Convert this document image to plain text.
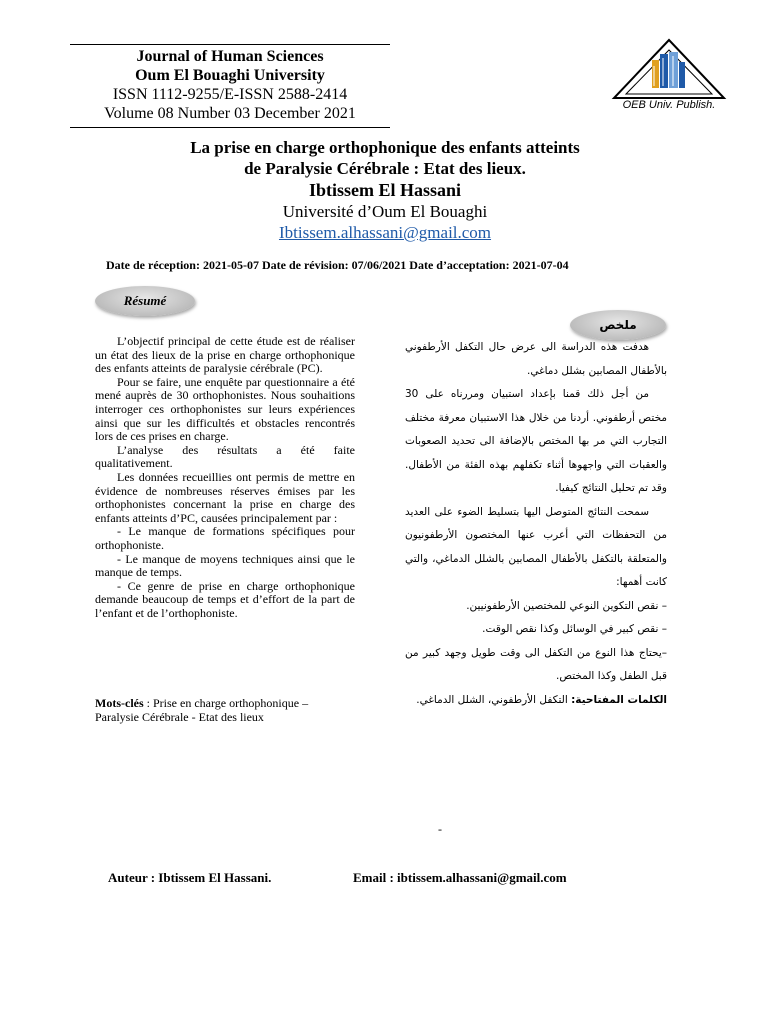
Journal of Human Sciences
Oum El Bouaghi University
ISSN 1112-9255/E-ISSN 2588-2414
Volume 08 Number 03 December 2021	OEB Univ. Publish.
La prise en charge orthophonique des enfants atteints
de Paralysie Cérébrale : Etat des lieux.
Ibtissem El Hassani
Université d’Oum El Bouaghi
Ibtissem.alhassani@gmail.com
Date de réception: 2021-05-07 Date de révision: 07/06/2021 Date d’acceptation: 2021-07-04
Résumé
ملخص

L’objectif principal de cette étude est de réaliser un état des lieux de la prise en charge orthophonique des enfants atteints de paralysie cérébrale (PC).

Pour se faire, une enquête par questionnaire a été mené auprès de 30 orthophonistes. Nous souhaitions interroger ces orthophonistes sur leurs expériences ainsi que sur les difficultés et obstacles rencontrés lors de ces prises en charge.

L’analyse des résultats a été faite qualitativement.

Les données recueillies ont permis de mettre en évidence de nombreuses réserves émises par les orthophonistes concernant la prise en charge des enfants atteints d’PC, causées principalement par :

- Le manque de formations spécifiques pour orthophoniste.

- Le manque de moyens techniques ainsi que le manque de temps.

- Ce genre de prise en charge orthophonique demande beaucoup de temps et d’effort de la part de l’enfant et de l’orthophoniste.

Mots-clés : Prise en charge orthophonique – Paralysie Cérébrale - Etat des lieux

هدفت هذه الدراسة الى عرض حال التكفل الأرطفوني بالأطفال المصابين بشلل دماغي.

من أجل ذلك قمنا بإعداد استبيان ومررناه على 30 مختص أرطفوني. أردنا من خلال هذا الاستبيان معرفة مختلف التجارب التي مر بها المختص بالإضافة الى تحديد الصعوبات والعقبات التي واجهوها أثناء تكفلهم بهذه الفئة من الأطفال. وقد تم تحليل النتائج كيفيا.

سمحت النتائج المتوصل اليها بتسليط الضوء على العديد من التحفظات التي أعرب عنها المختصون الأرطفونيون والمتعلقة بالتكفل بالأطفال المصابين بالشلل الدماغي، والتي كانت أهمها:

– نقص التكوين النوعي للمختصين الأرطفونيين.

– نقص كبير في الوسائل وكذا نقص الوقت.

–يحتاج هذا النوع من التكفل الى وقت طويل وجهد كبير من قبل الطفل وكذا المختص.

الكلمات المفتاحية: التكفل الأرطفوني، الشلل الدماغي.

-
Auteur : Ibtissem El Hassani.	Email : ibtissem.alhassani@gmail.com
